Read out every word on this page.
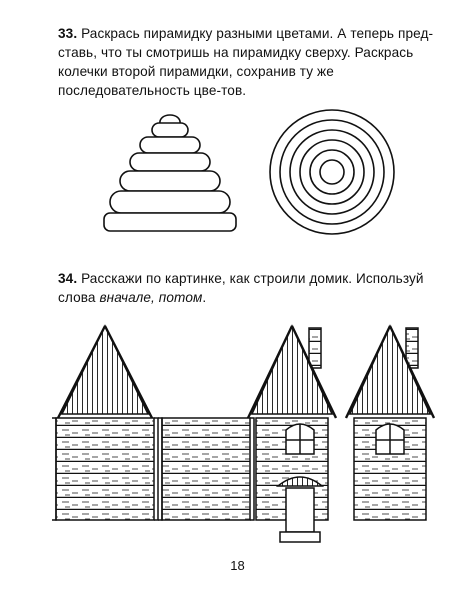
33. Раскрась пирамидку разными цветами. А теперь пред-ставь, что ты смотришь на пирамидку сверху. Раскрась колечки второй пирамидки, сохранив ту же последовательность цве-тов.
34. Расскажи по картинке, как строили домик. Используй слова вначале, потом.
18
